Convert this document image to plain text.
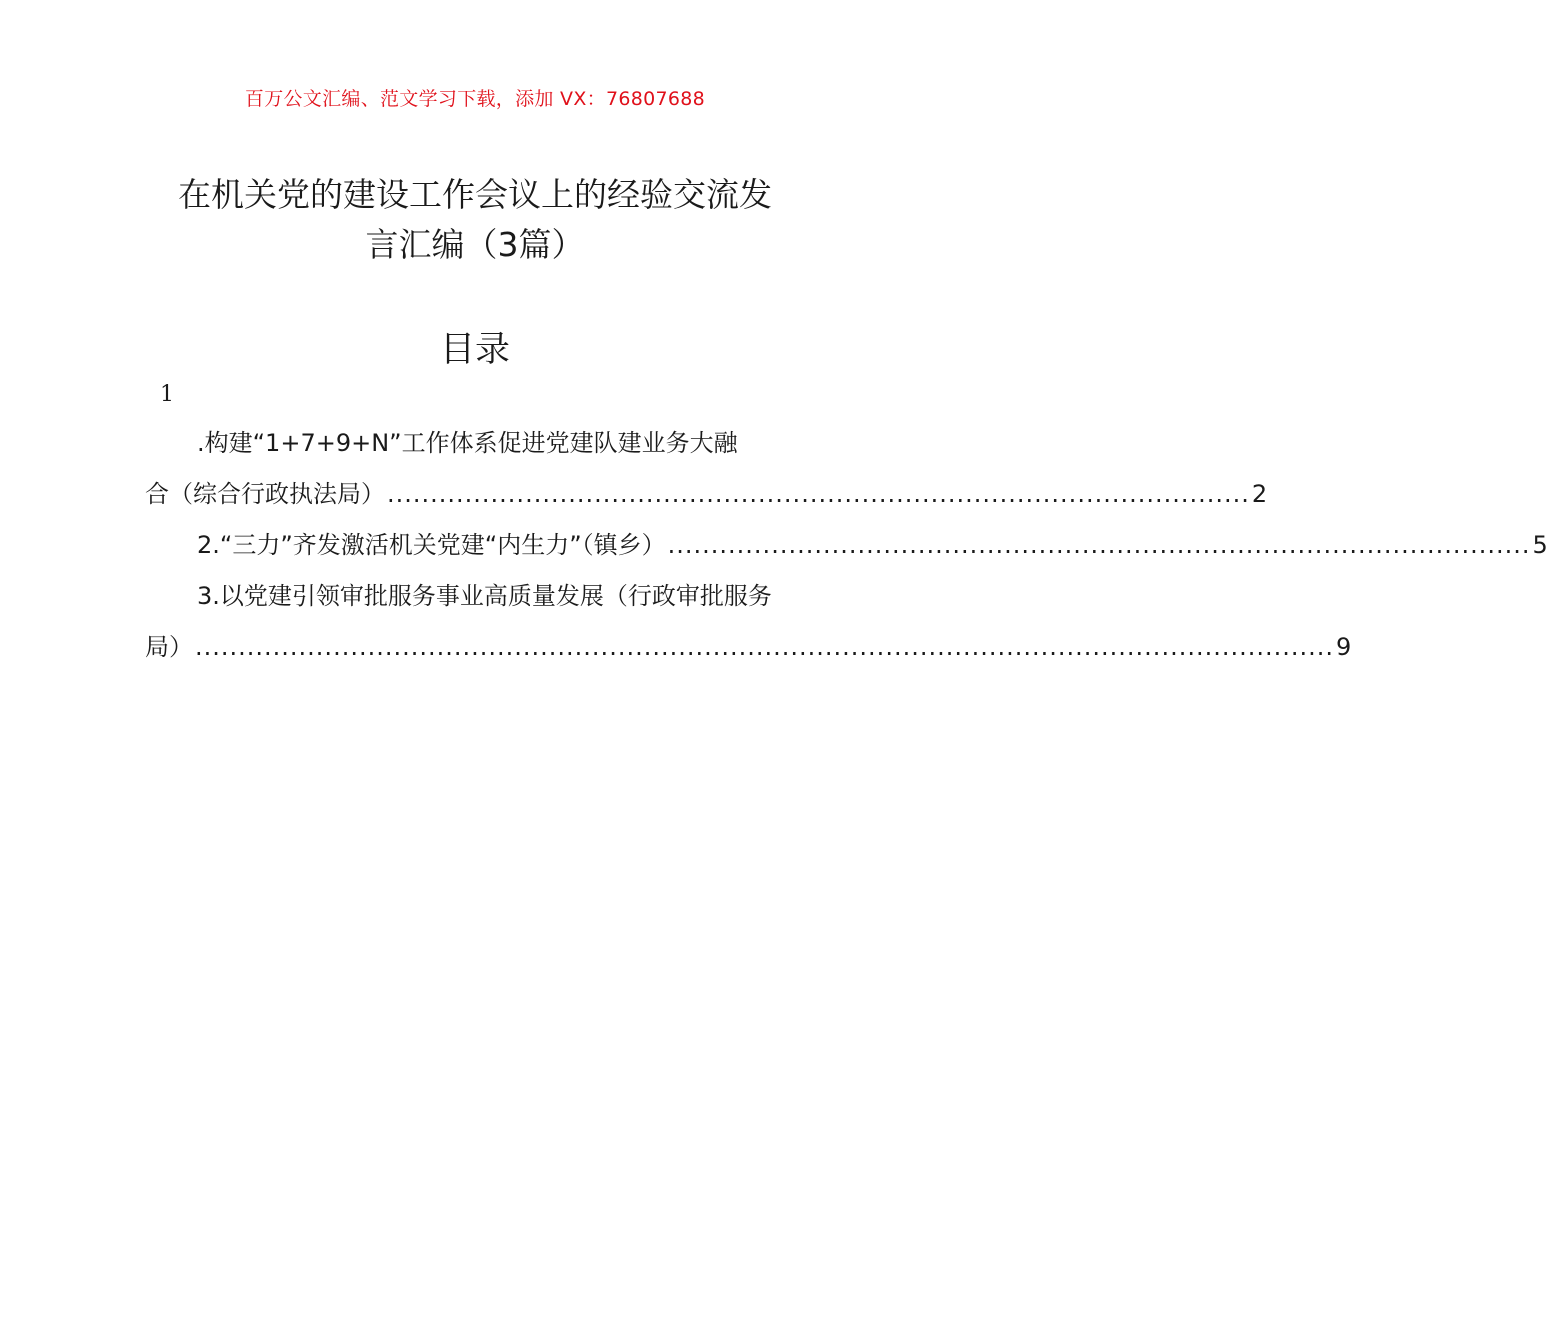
百万公文汇编、范文学习下载，添加 VX：76807688
在机关党的建设工作会议上的经验交流发
言汇编（3篇）
目录
1
.构建“1+7+9+N”工作体系促进党建队建业务大融
合（综合行政执法局） .................................................................................................... 2
2.“三力”齐发激活机关党建“内生力”（镇乡） .................................................................................................... 5
3.以党建引领审批服务事业高质量发展（行政审批服务
局） .................................................................................................................................... 9
